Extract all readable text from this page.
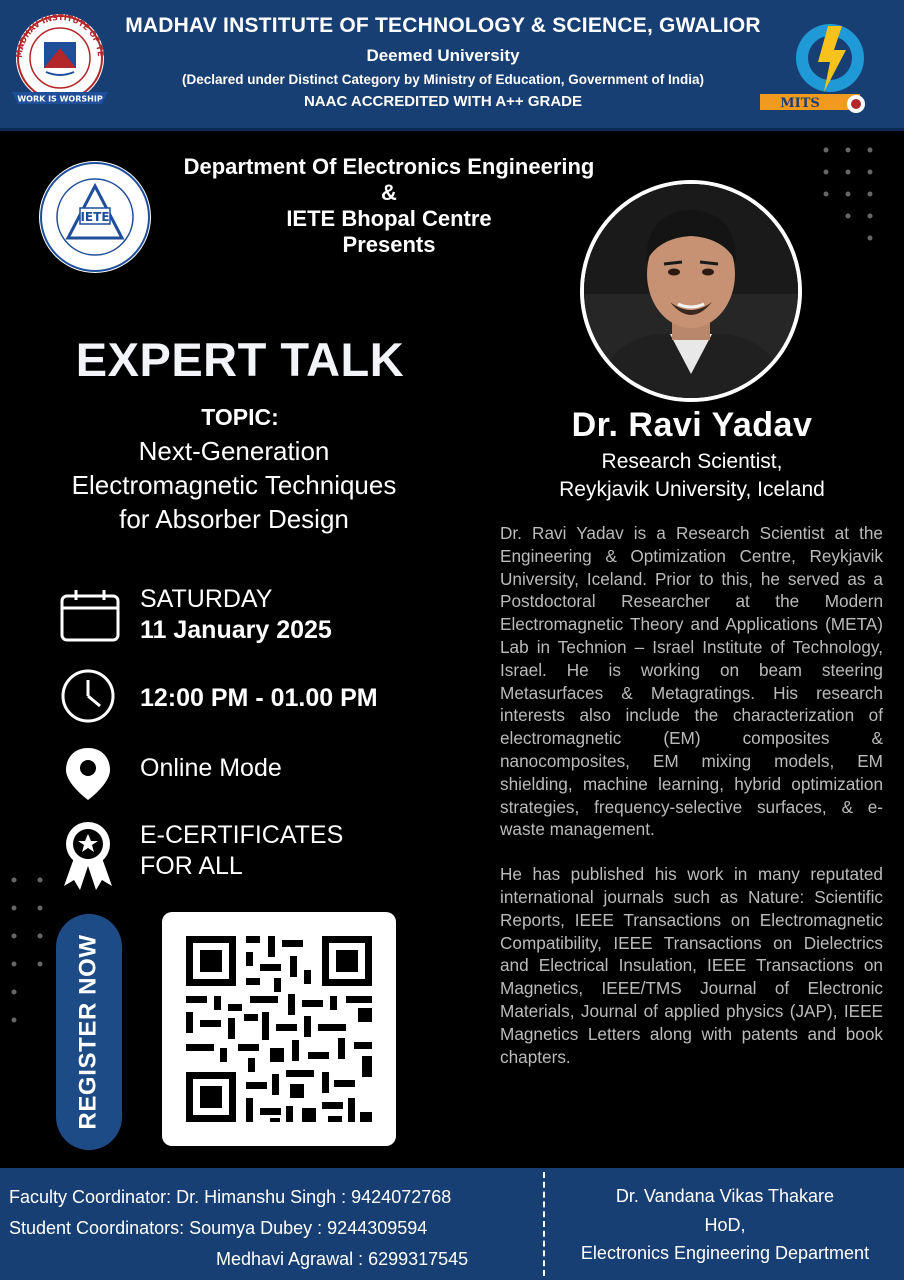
MADHAV INSTITUTE OF TE
WORK IS WORSHIP
MADHAV INSTITUTE OF TECHNOLOGY & SCIENCE, GWALIOR
Deemed University
(Declared under Distinct Category by Ministry of Education, Government of India)
NAAC ACCREDITED WITH A++ GRADE	MITS
IETE
Department Of Electronics Engineering
&
IETE Bhopal Centre
Presents
EXPERT TALK
TOPIC:
Next-Generation
Electromagnetic Techniques
for Absorber Design
Dr. Ravi Yadav
Research Scientist,
Reykjavik University, Iceland

Dr. Ravi Yadav is a Research Scientist at the Engineering & Optimization Centre, Reykjavik University, Iceland. Prior to this, he served as a Postdoctoral Researcher at the Modern Electromagnetic Theory and Applications (META) Lab in Technion – Israel Institute of Technology, Israel. He is working on beam steering Metasurfaces & Metagratings. His research interests also include the characterization of electromagnetic (EM) composites & nanocomposites, EM mixing models, EM shielding, machine learning, hybrid optimization strategies, frequency-selective surfaces, & e-waste management.

He has published his work in many reputated international journals such as Nature: Scientific Reports, IEEE Transactions on Electromagnetic Compatibility, IEEE Transactions on Dielectrics and Electrical Insulation, IEEE Transactions on Magnetics, IEEE/TMS Journal of Electronic Materials, Journal of applied physics (JAP), IEEE Magnetics Letters along with patents and book chapters.

SATURDAY
11 January 2025
12:00 PM - 01.00 PM
Online Mode
E-CERTIFICATES
FOR ALL
REGISTER NOW
Faculty Coordinator: Dr. Himanshu Singh : 9424072768
Student Coordinators: Soumya Dubey : 9244309594
Medhavi Agrawal : 6299317545
Dr. Vandana Vikas Thakare
HoD,
Electronics Engineering Department
